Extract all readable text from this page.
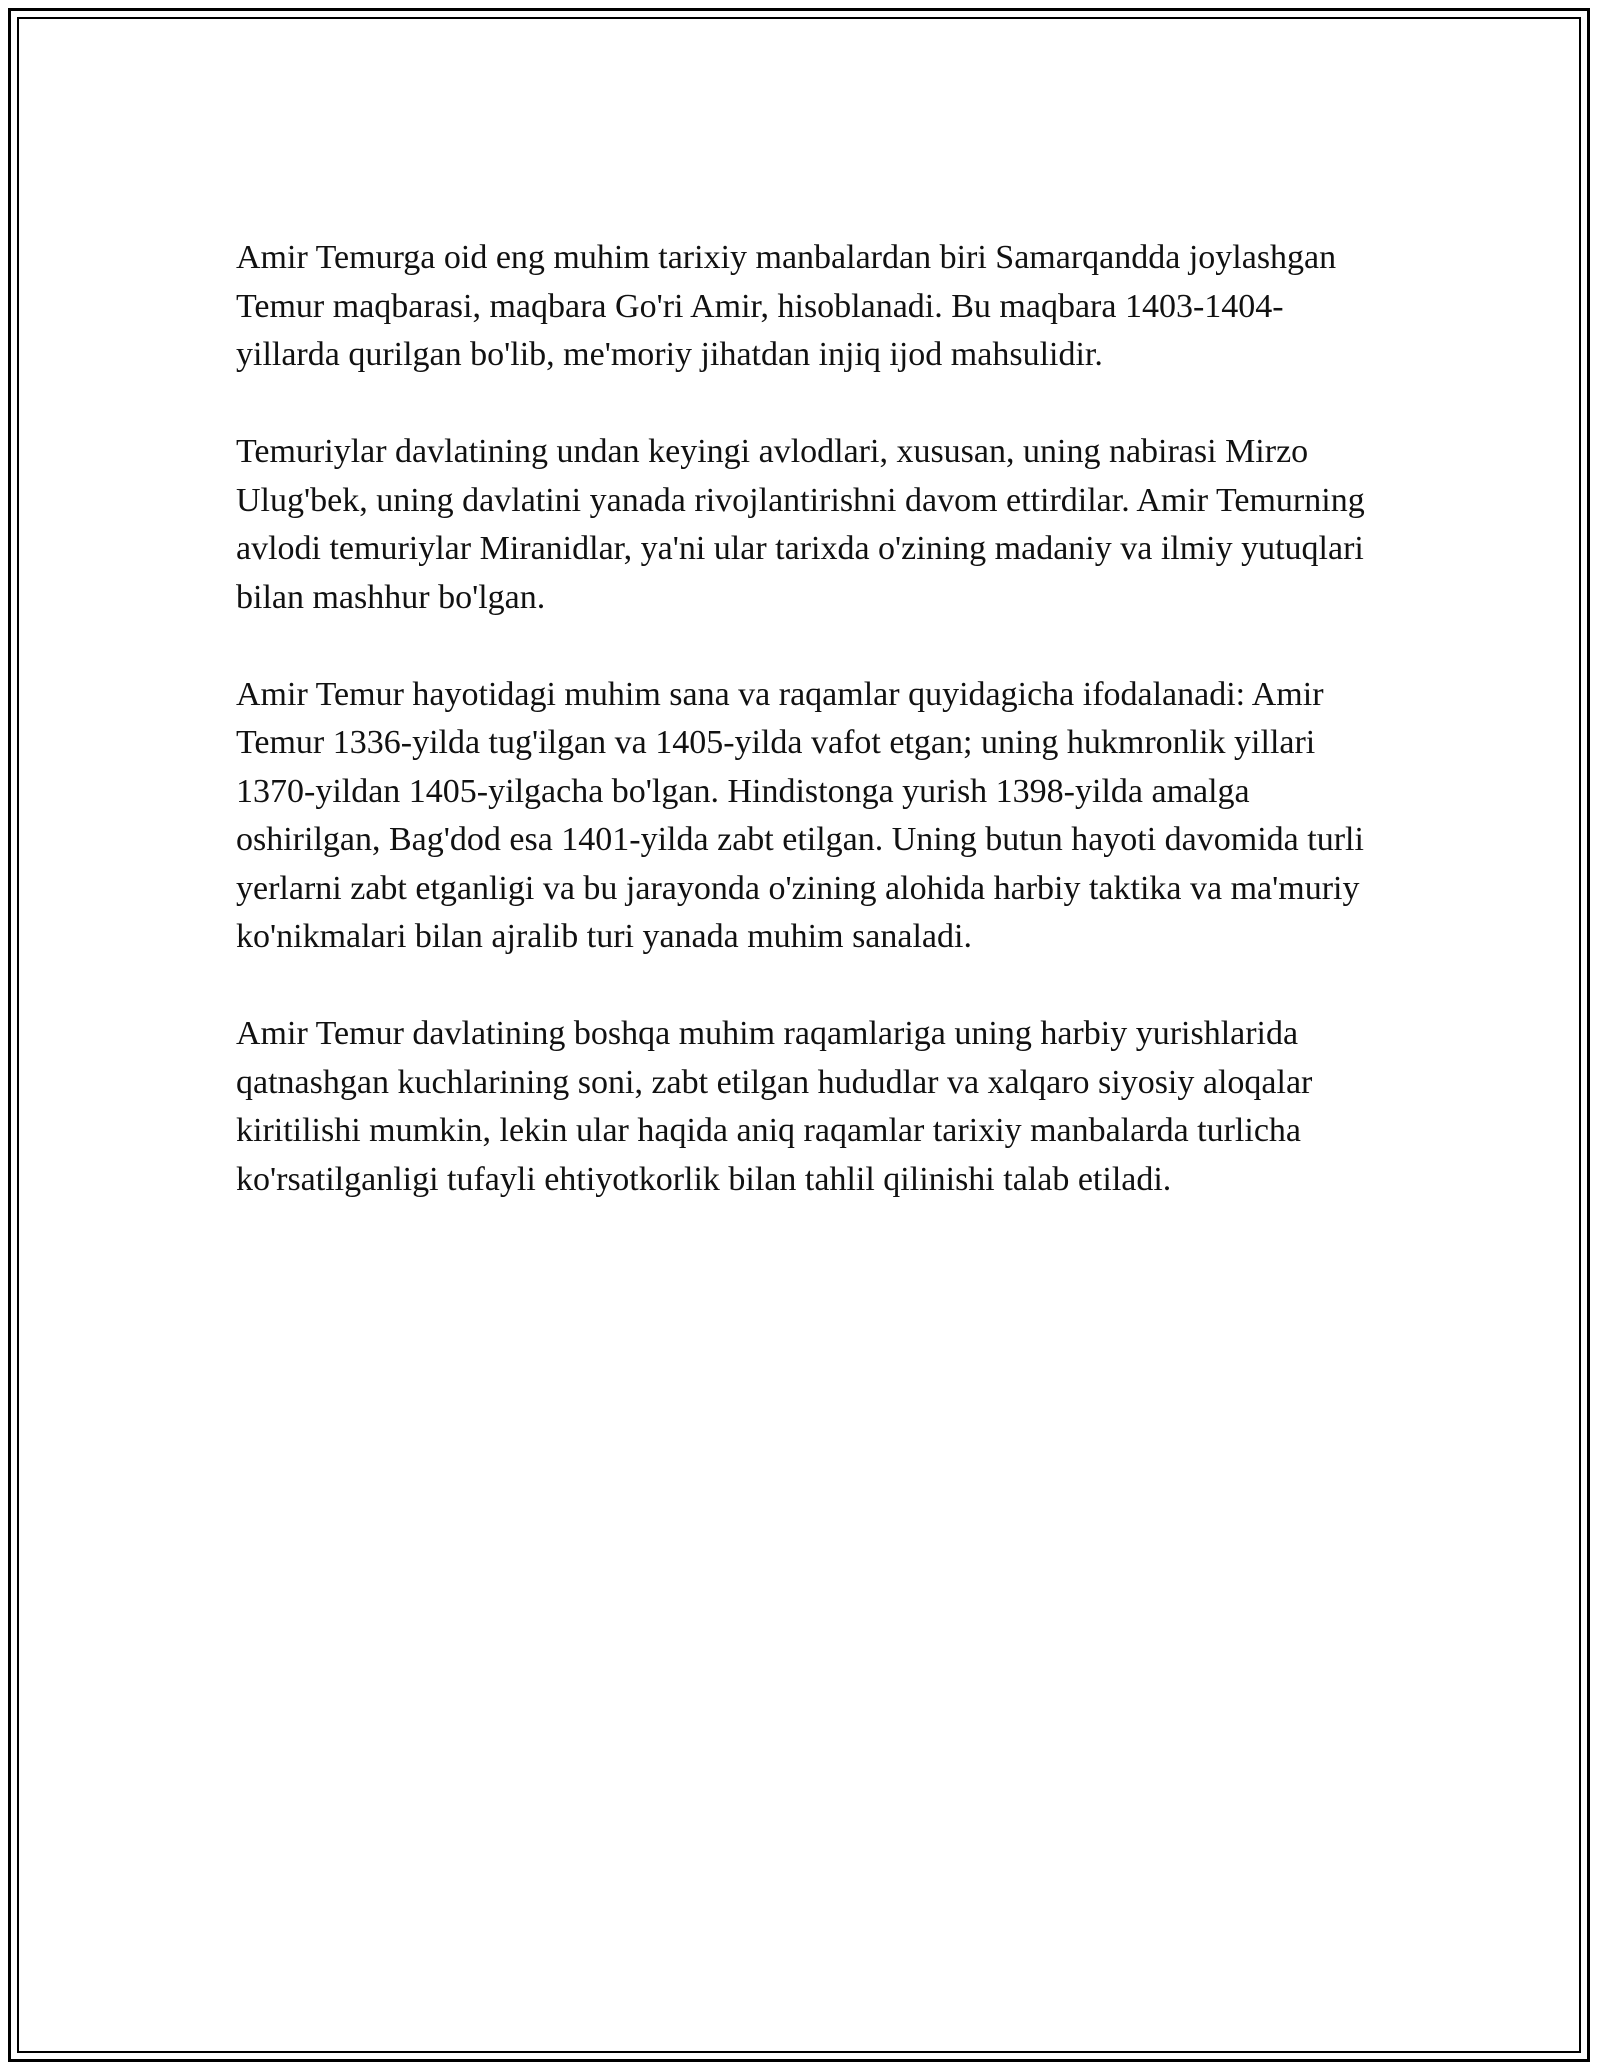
Amir Temurga oid eng muhim tarixiy manbalardan biri Samarqandda joylashgan Temur maqbarasi, maqbara Go'ri Amir, hisoblanadi. Bu maqbara 1403-1404-yillarda qurilgan bo'lib, me'moriy jihatdan injiq ijod mahsulidir.

Temuriylar davlatining undan keyingi avlodlari, xususan, uning nabirasi Mirzo Ulug'bek, uning davlatini yanada rivojlantirishni davom ettirdilar. Amir Temurning avlodi temuriylar Miranidlar, ya'ni ular tarixda o'zining madaniy va ilmiy yutuqlari bilan mashhur bo'lgan.

Amir Temur hayotidagi muhim sana va raqamlar quyidagicha ifodalanadi: Amir Temur 1336-yilda tug'ilgan va 1405-yilda vafot etgan; uning hukmronlik yillari 1370-yildan 1405-yilgacha bo'lgan. Hindistonga yurish 1398-yilda amalga oshirilgan, Bag'dod esa 1401-yilda zabt etilgan. Uning butun hayoti davomida turli yerlarni zabt etganligi va bu jarayonda o'zining alohida harbiy taktika va ma'muriy ko'nikmalari bilan ajralib turi yanada muhim sanaladi.

Amir Temur davlatining boshqa muhim raqamlariga uning harbiy yurishlarida qatnashgan kuchlarining soni, zabt etilgan hududlar va xalqaro siyosiy aloqalar kiritilishi mumkin, lekin ular haqida aniq raqamlar tarixiy manbalarda turlicha ko'rsatilganligi tufayli ehtiyotkorlik bilan tahlil qilinishi talab etiladi.
